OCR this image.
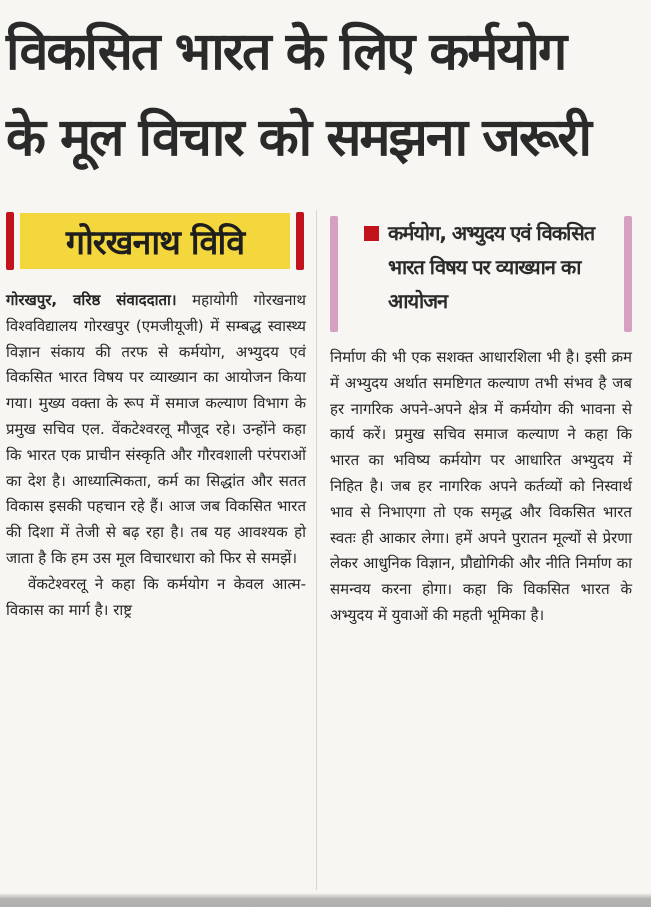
विकसित भारत के लिए कर्मयोग
के मूल विचार को समझना जरूरी
गोरखनाथ विवि	कर्मयोग, अभ्युदय एवं विकसित भारत विषय पर व्याख्यान का आयोजन

गोरखपुर, वरिष्ठ संवाददाता। महायोगी गोरखनाथ विश्वविद्यालय गोरखपुर (एमजीयूजी) में सम्बद्ध स्वास्थ्य विज्ञान संकाय की तरफ से कर्मयोग, अभ्युदय एवं विकसित भारत विषय पर व्याख्यान का आयोजन किया गया। मुख्य वक्ता के रूप में समाज कल्याण विभाग के प्रमुख सचिव एल. वेंकटेश्वरलू मौजूद रहे। उन्होंने कहा कि भारत एक प्राचीन संस्कृति और गौरवशाली परंपराओं का देश है। आध्यात्मिकता, कर्म का सिद्धांत और सतत विकास इसकी पहचान रहे हैं। आज जब विकसित भारत की दिशा में तेजी से बढ़ रहा है। तब यह आवश्यक हो जाता है कि हम उस मूल विचारधारा को फिर से समझें।

वेंकटेश्वरलू ने कहा कि कर्मयोग न केवल आत्म-विकास का मार्ग है। राष्ट्र

निर्माण की भी एक सशक्त आधारशिला भी है। इसी क्रम में अभ्युदय अर्थात समष्टिगत कल्याण तभी संभव है जब हर नागरिक अपने-अपने क्षेत्र में कर्मयोग की भावना से कार्य करें। प्रमुख सचिव समाज कल्याण ने कहा कि भारत का भविष्य कर्मयोग पर आधारित अभ्युदय में निहित है। जब हर नागरिक अपने कर्तव्यों को निस्वार्थ भाव से निभाएगा तो एक समृद्ध और विकसित भारत स्वतः ही आकार लेगा। हमें अपने पुरातन मूल्यों से प्रेरणा लेकर आधुनिक विज्ञान, प्रौद्योगिकी और नीति निर्माण का समन्वय करना होगा। कहा कि विकसित भारत के अभ्युदय में युवाओं की महती भूमिका है।
